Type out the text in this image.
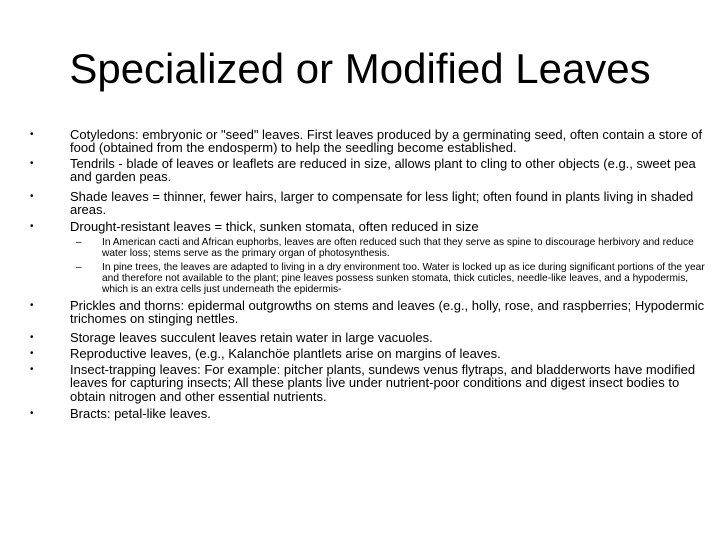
Specialized or Modified Leaves
•	Cotyledons: embryonic or "seed" leaves. First leaves produced by a germinating seed, often contain a store of food (obtained from the endosperm) to help the seedling become established.
•	Tendrils - blade of leaves or leaflets are reduced in size, allows plant to cling to other objects (e.g., sweet pea and garden peas.
•	Shade leaves = thinner, fewer hairs, larger to compensate for less light; often found in plants living in shaded areas.
•	Drought-resistant leaves = thick, sunken stomata, often reduced in size
– In American cacti and African euphorbs, leaves are often reduced such that they serve as spine to discourage herbivory and reduce water loss; stems serve as the primary organ of photosynthesis.
– In pine trees, the leaves are adapted to living in a dry environment too. Water is locked up as ice during significant portions of the year and therefore not available to the plant; pine leaves possess sunken stomata, thick cuticles, needle-like leaves, and a hypodermis, which is an extra cells just underneath the epidermis-
•	Prickles and thorns: epidermal outgrowths on stems and leaves (e.g., holly, rose, and raspberries; Hypodermic trichomes on stinging nettles.
•	Storage leaves succulent leaves retain water in large vacuoles.
•	Reproductive leaves, (e.g., Kalanchöe plantlets arise on margins of leaves.
•	Insect-trapping leaves: For example: pitcher plants, sundews venus flytraps, and bladderworts have modified leaves for capturing insects; All these plants live under nutrient-poor conditions and digest insect bodies to obtain nitrogen and other essential nutrients.
•	Bracts: petal-like leaves.
